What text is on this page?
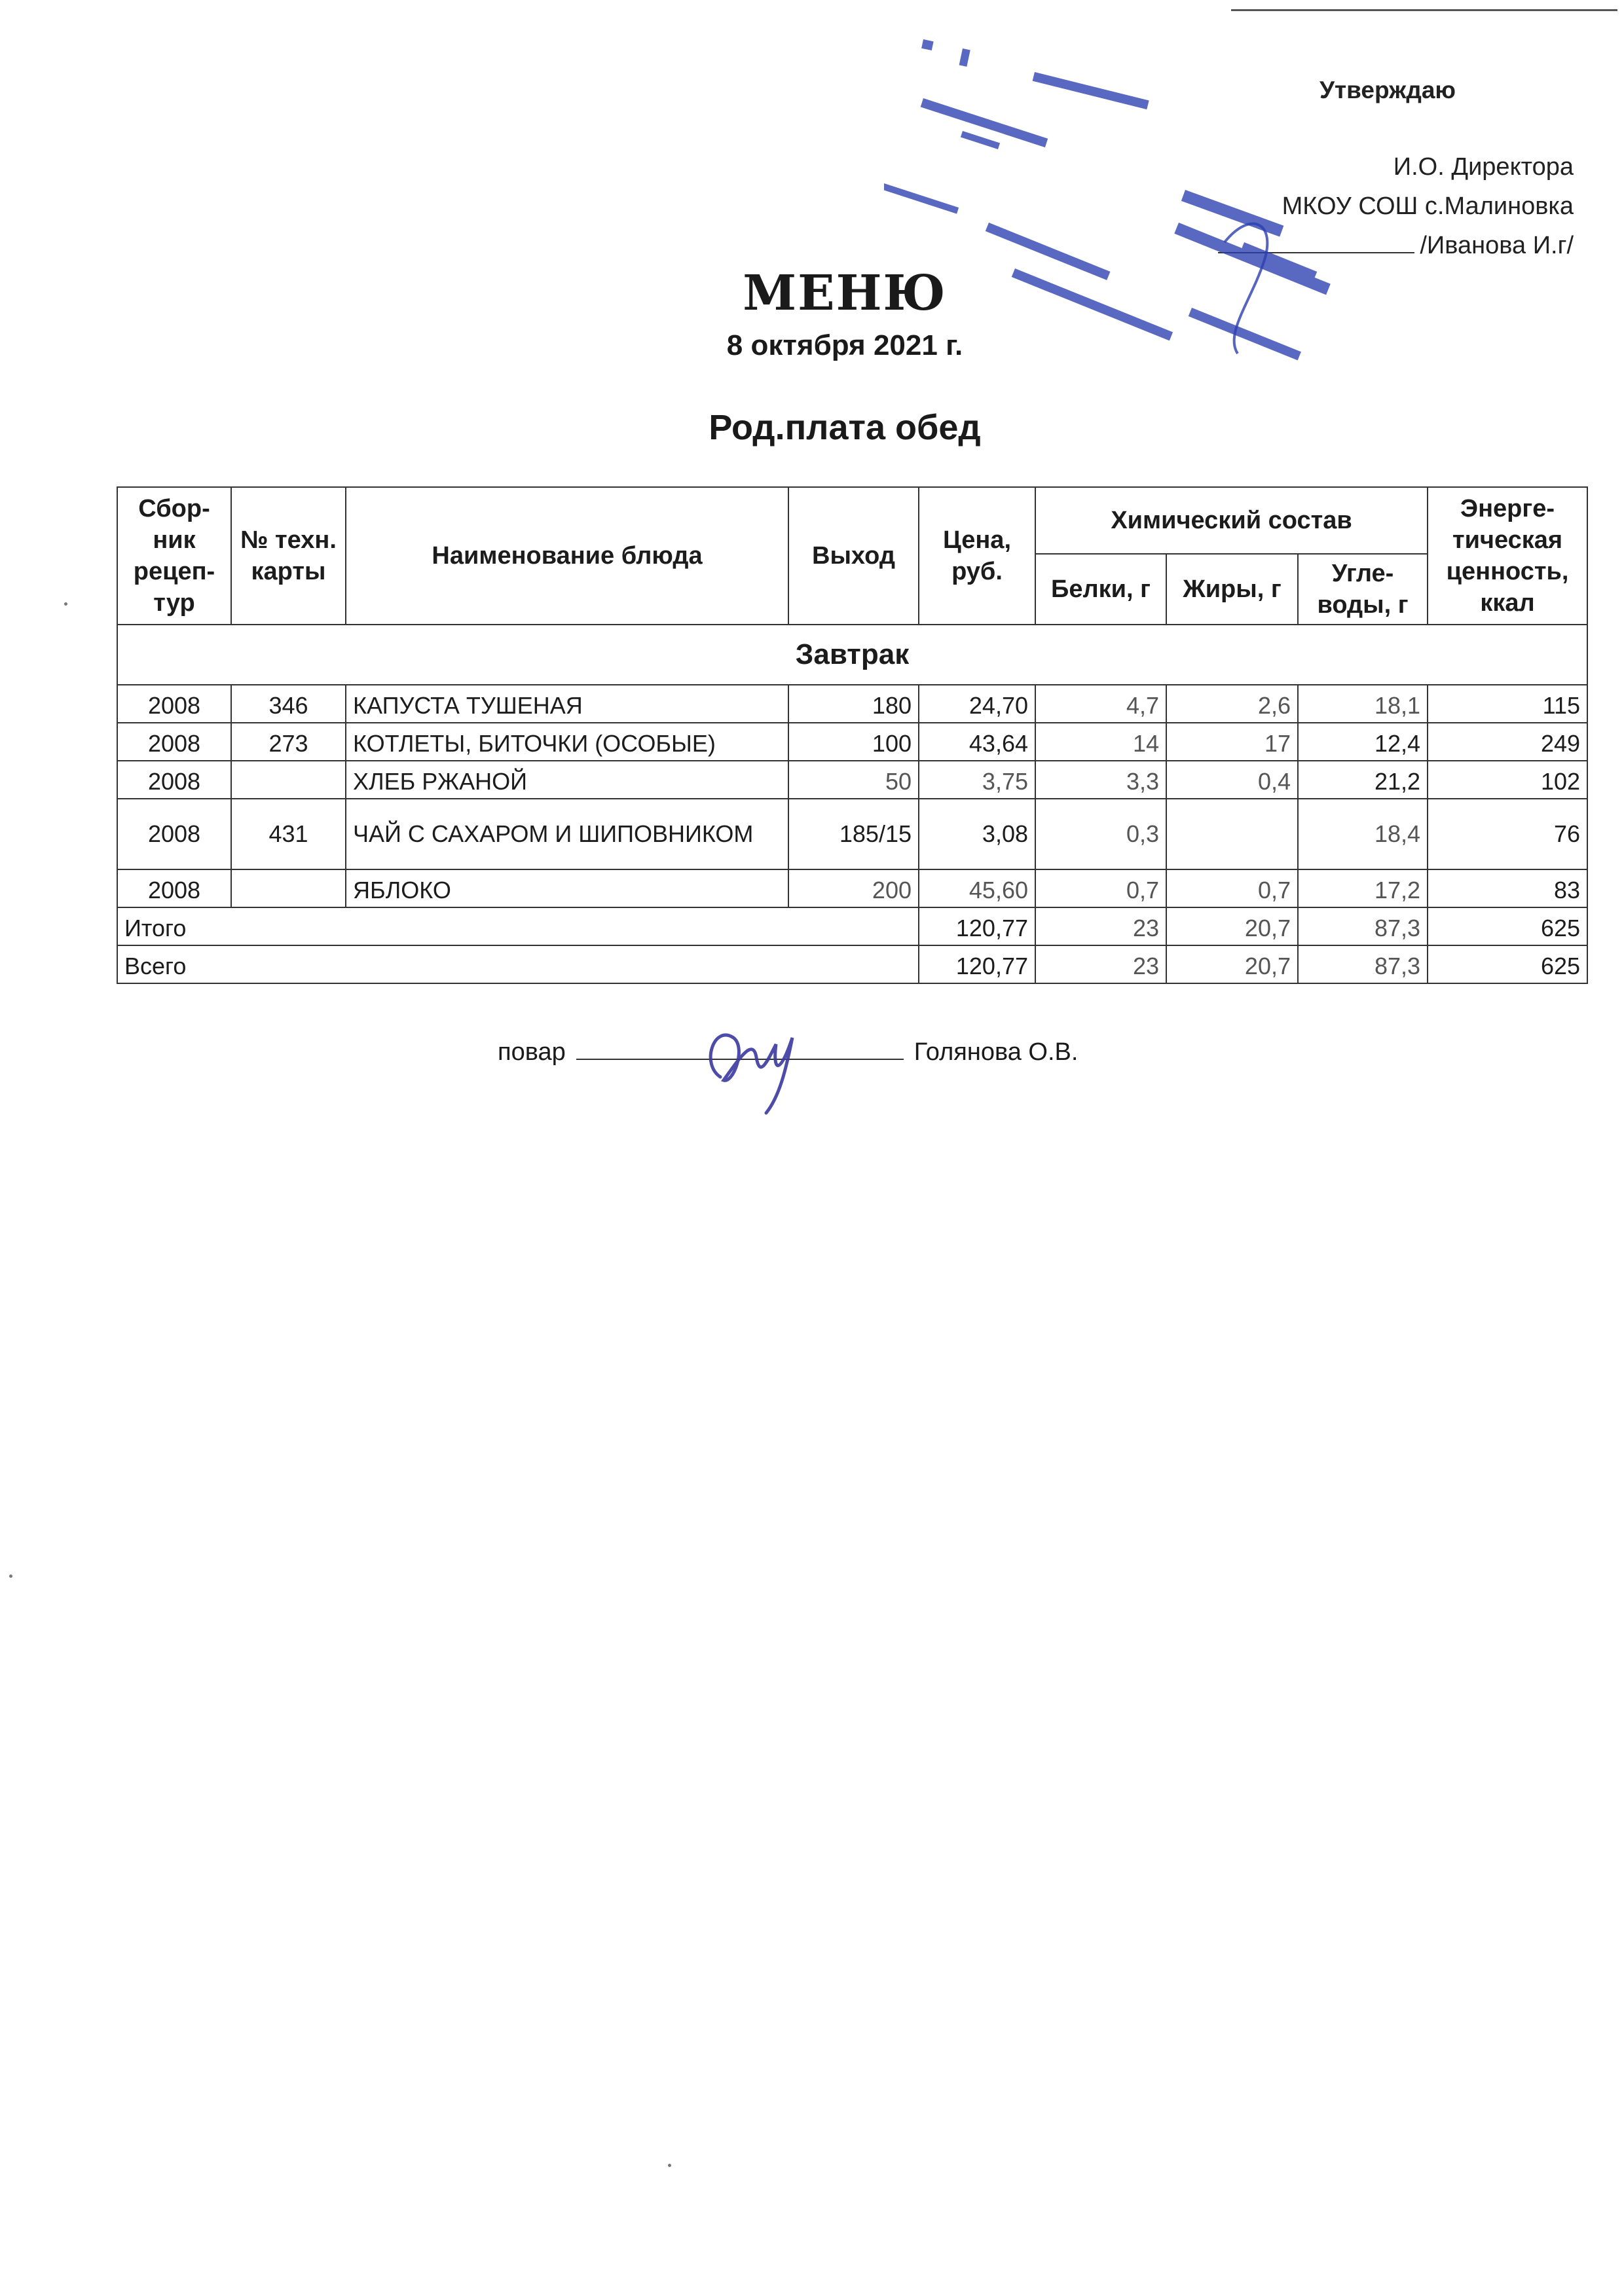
Утверждаю
И.О. Директора
МКОУ СОШ с.Малиновка
/Иванова И.г/
МЕНЮ
8 октября 2021 г.
Род.плата обед
Сбор-ник рецеп-тур	№ техн. карты	Наименование блюда	Выход	Цена, руб.	Химический состав			Энерге-тическая ценность, ккал
					Белки, г	Жиры, г	Угле-воды, г	
Завтрак								
2008	346	КАПУСТА ТУШЕНАЯ	180	24,70	4,7	2,6	18,1	115
2008	273	КОТЛЕТЫ, БИТОЧКИ (ОСОБЫЕ)	100	43,64	14	17	12,4	249
2008		ХЛЕБ РЖАНОЙ	50	3,75	3,3	0,4	21,2	102
2008	431	ЧАЙ С САХАРОМ И ШИПОВНИКОМ	185/15	3,08	0,3		18,4	76
2008		ЯБЛОКО	200	45,60	0,7	0,7	17,2	83
Итого				120,77	23	20,7	87,3	625
Всего				120,77	23	20,7	87,3	625
повар	Голянова О.В.
